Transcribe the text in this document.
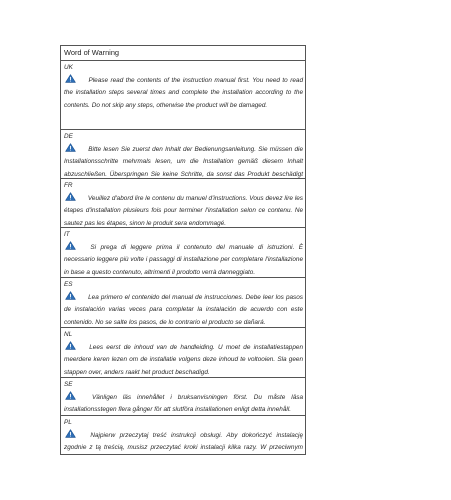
Word of Warning
UK
Please read the contents of the instruction manual first. You need to read the installation steps several times and complete the installation according to the contents. Do not skip any steps, otherwise the product will be damaged.
DE
Bitte lesen Sie zuerst den Inhalt der Bedienungsanleitung. Sie müssen die Installationsschritte mehrmals lesen, um die Installation gemäß diesem Inhalt abzuschließen. Überspringen Sie keine Schritte, da sonst das Produkt beschädigt
FR
Veuillez d'abord lire le contenu du manuel d'instructions. Vous devez lire les étapes d'installation plusieurs fois pour terminer l'installation selon ce contenu. Ne sautez pas les étapes, sinon le produit sera endommagé.
IT
Si prega di leggere prima il contenuto del manuale di istruzioni. È necessario leggere più volte i passaggi di installazione per completare l'installazione in base a questo contenuto, altrimenti il prodotto verrà danneggiato.
ES
Lea primero el contenido del manual de instrucciones. Debe leer los pasos de instalación varias veces para completar la instalación de acuerdo con este contenido. No se salte los pasos, de lo contrario el producto se dañará.
NL
Lees eerst de inhoud van de handleiding. U moet de installatiestappen meerdere keren lezen om de installatie volgens deze inhoud te voltooien. Sla geen stappen over, anders raakt het product beschadigd.
SE
Vänligen läs innehållet i bruksanvisningen först. Du måste läsa installationsstegen flera gånger för att slutföra installationen enligt detta innehåll.
PL
Najpierw przeczytaj treść instrukcji obsługi. Aby dokończyć instalację zgodnie z tą treścią, musisz przeczytać kroki instalacji kilka razy. W przeciwnym
